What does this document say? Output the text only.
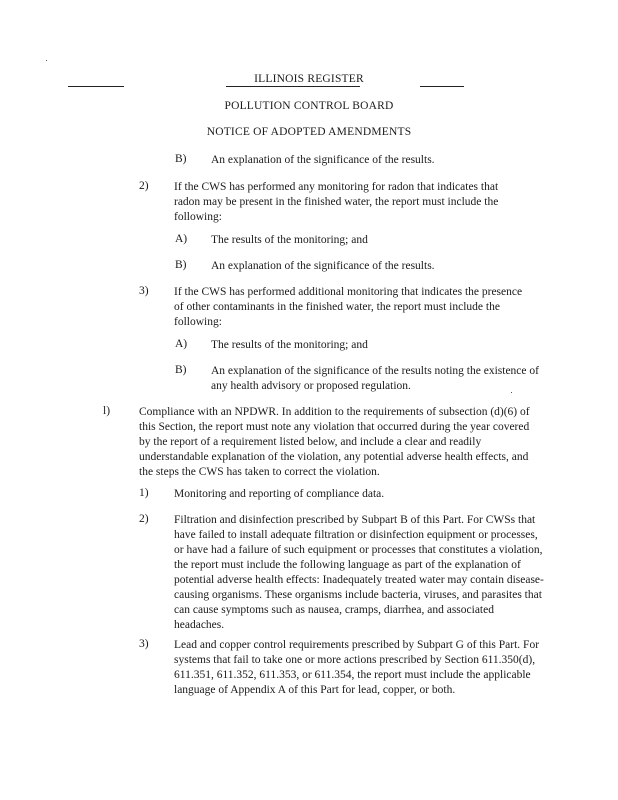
ILLINOIS REGISTER
POLLUTION CONTROL BOARD
NOTICE OF ADOPTED AMENDMENTS
B) An explanation of the significance of the results.
2) If the CWS has performed any monitoring for radon that indicates that radon may be present in the finished water, the report must include the following:
A) The results of the monitoring; and
B) An explanation of the significance of the results.
3) If the CWS has performed additional monitoring that indicates the presence of other contaminants in the finished water, the report must include the following:
A) The results of the monitoring; and
B) An explanation of the significance of the results noting the existence of any health advisory or proposed regulation.
l)	Compliance with an NPDWR. In addition to the requirements of subsection (d)(6) of this Section, the report must note any violation that occurred during the year covered by the report of a requirement listed below, and include a clear and readily understandable explanation of the violation, any potential adverse health effects, and the steps the CWS has taken to correct the violation.
1) Monitoring and reporting of compliance data.
2) Filtration and disinfection prescribed by Subpart B of this Part. For CWSs that have failed to install adequate filtration or disinfection equipment or processes, or have had a failure of such equipment or processes that constitutes a violation, the report must include the following language as part of the explanation of potential adverse health effects: Inadequately treated water may contain disease-causing organisms. These organisms include bacteria, viruses, and parasites that can cause symptoms such as nausea, cramps, diarrhea, and associated headaches.
3) Lead and copper control requirements prescribed by Subpart G of this Part. For systems that fail to take one or more actions prescribed by Section 611.350(d), 611.351, 611.352, 611.353, or 611.354, the report must include the applicable language of Appendix A of this Part for lead, copper, or both.
